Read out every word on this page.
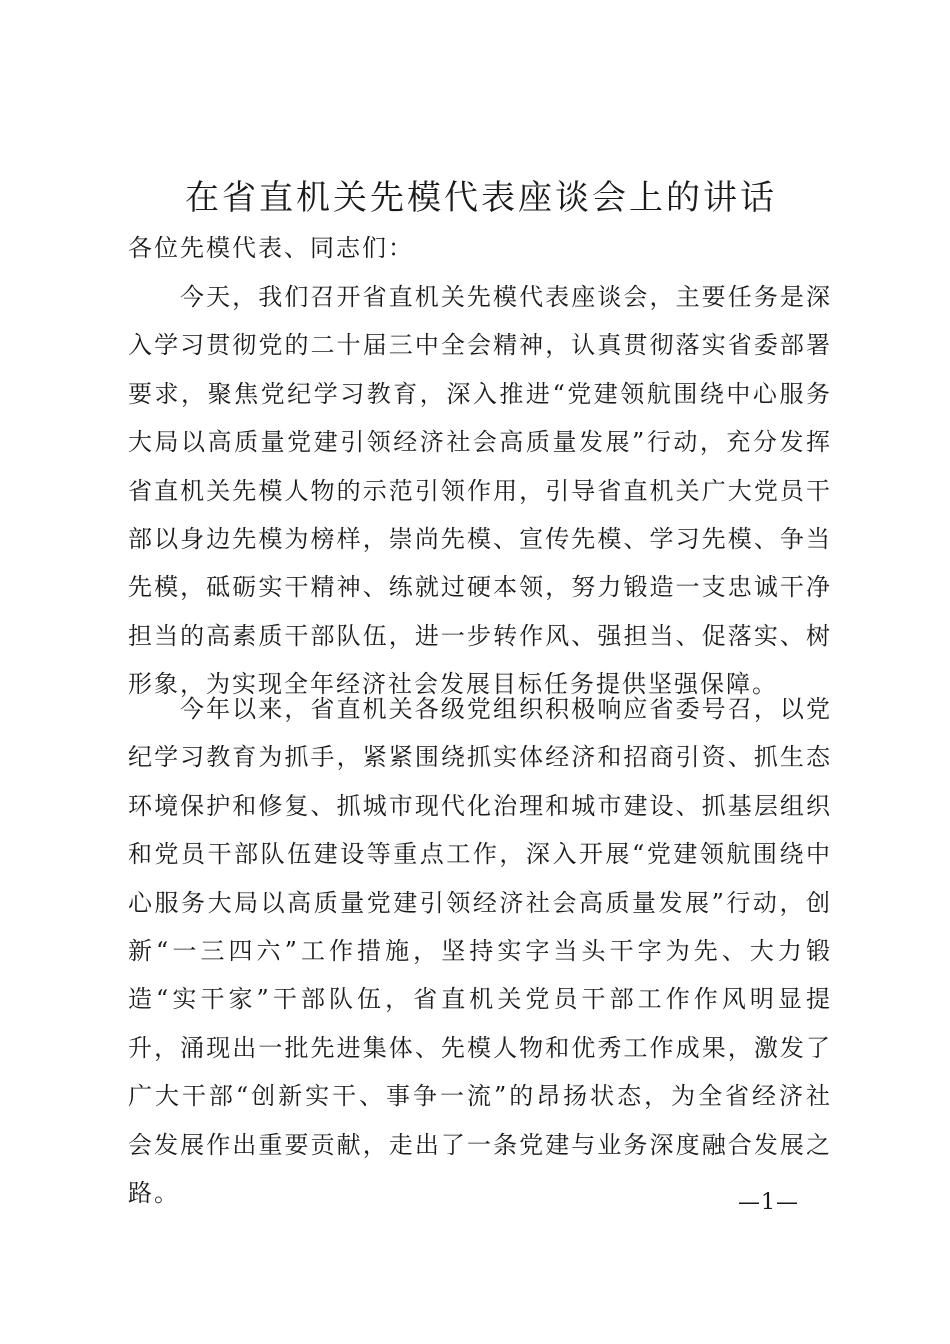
在省直机关先模代表座谈会上的讲话

各位先模代表、同志们：

今天，我们召开省直机关先模代表座谈会，主要任务是深入学习贯彻党的二十届三中全会精神，认真贯彻落实省委部署要求，聚焦党纪学习教育，深入推进“党建领航围绕中心服务大局以高质量党建引领经济社会高质量发展”行动，充分发挥省直机关先模人物的示范引领作用，引导省直机关广大党员干部以身边先模为榜样，崇尚先模、宣传先模、学习先模、争当先模，砥砺实干精神、练就过硬本领，努力锻造一支忠诚干净担当的高素质干部队伍，进一步转作风、强担当、促落实、树形象，为实现全年经济社会发展目标任务提供坚强保障。

今年以来，省直机关各级党组织积极响应省委号召，以党纪学习教育为抓手，紧紧围绕抓实体经济和招商引资、抓生态环境保护和修复、抓城市现代化治理和城市建设、抓基层组织和党员干部队伍建设等重点工作，深入开展“党建领航围绕中心服务大局以高质量党建引领经济社会高质量发展”行动，创新“一三四六”工作措施，坚持实字当头干字为先、大力锻造“实干家”干部队伍，省直机关党员干部工作作风明显提升，涌现出一批先进集体、先模人物和优秀工作成果，激发了广大干部“创新实干、事争一流”的昂扬状态，为全省经济社会发展作出重要贡献，走出了一条党建与业务深度融合发展之路。	—1—
